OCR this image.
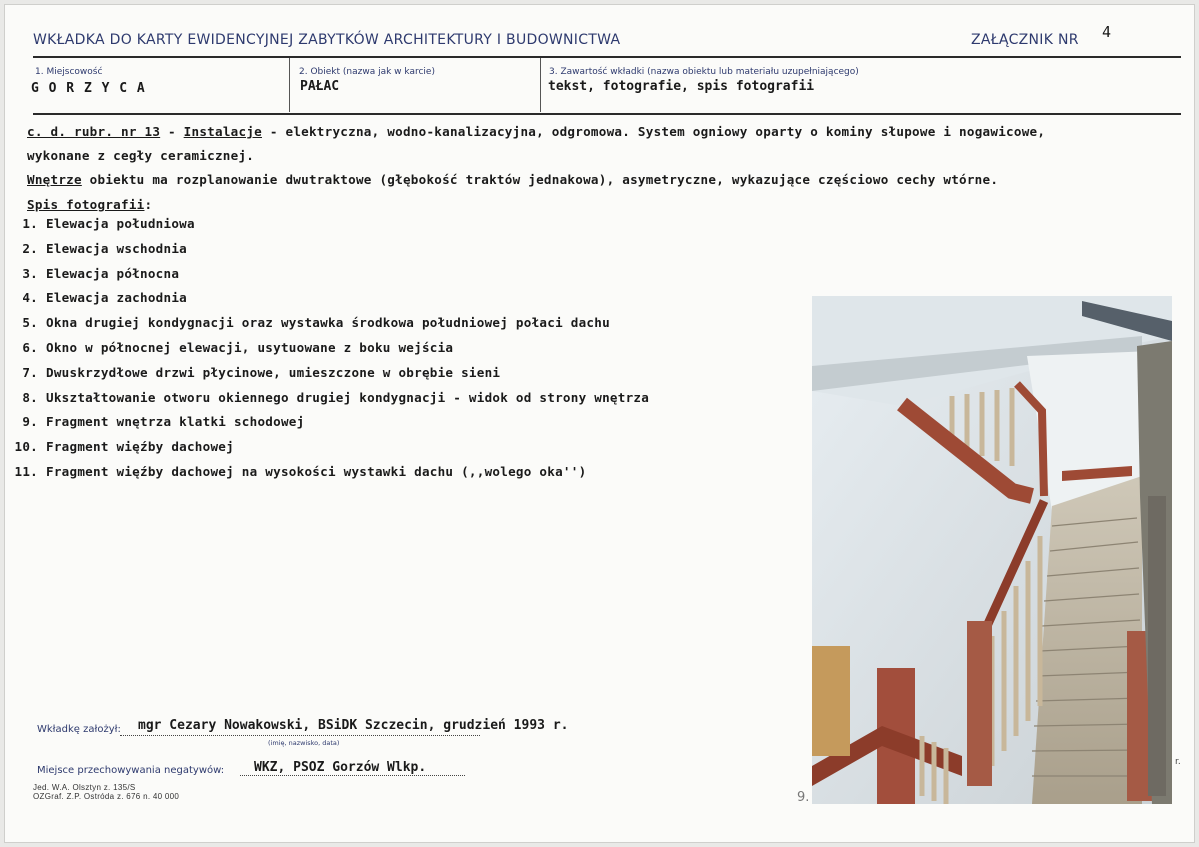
WKŁADKA DO KARTY EWIDENCYJNEJ ZABYTKÓW ARCHITEKTURY I BUDOWNICTWA	ZAŁĄCZNIK NR 4
1. Miejscowość
G O R Z Y C A
2. Obiekt (nazwa jak w karcie)
PAŁAC
3. Zawartość wkładki (nazwa obiektu lub materiału uzupełniającego)
tekst, fotografie, spis fotografii
c. d. rubr. nr 13 - Instalacje - elektryczna, wodno-kanalizacyjna, odgromowa. System ogniowy oparty o kominy słupowe i nogawicowe,
wykonane z cegły ceramicznej.
Wnętrze obiektu ma rozplanowanie dwutraktowe (głębokość traktów jednakowa), asymetryczne, wykazujące częściowo cechy wtórne.
Spis fotografii:
1. Elewacja południowa
2. Elewacja wschodnia
3. Elewacja północna
4. Elewacja zachodnia
5. Okna drugiej kondygnacji oraz wystawka środkowa południowej połaci dachu
6. Okno w północnej elewacji, usytuowane z boku wejścia
7. Dwuskrzydłowe drzwi płycinowe, umieszczone w obrębie sieni
8. Ukształtowanie otworu okiennego drugiej kondygnacji - widok od strony wnętrza
9. Fragment wnętrza klatki schodowej
10. Fragment więźby dachowej
11. Fragment więźby dachowej na wysokości wystawki dachu (,,wolego oka'')
9.
r.
Wkładkę założył: mgr Cezary Nowakowski, BSiDK Szczecin, grudzień 1993 r.
(imię, nazwisko, data)
Miejsce przechowywania negatywów: WKZ, PSOZ Gorzów Wlkp.
Jed. W.A. Olsztyn z. 135/S
OZGraf. Z.P. Ostróda z. 676 n. 40 000
